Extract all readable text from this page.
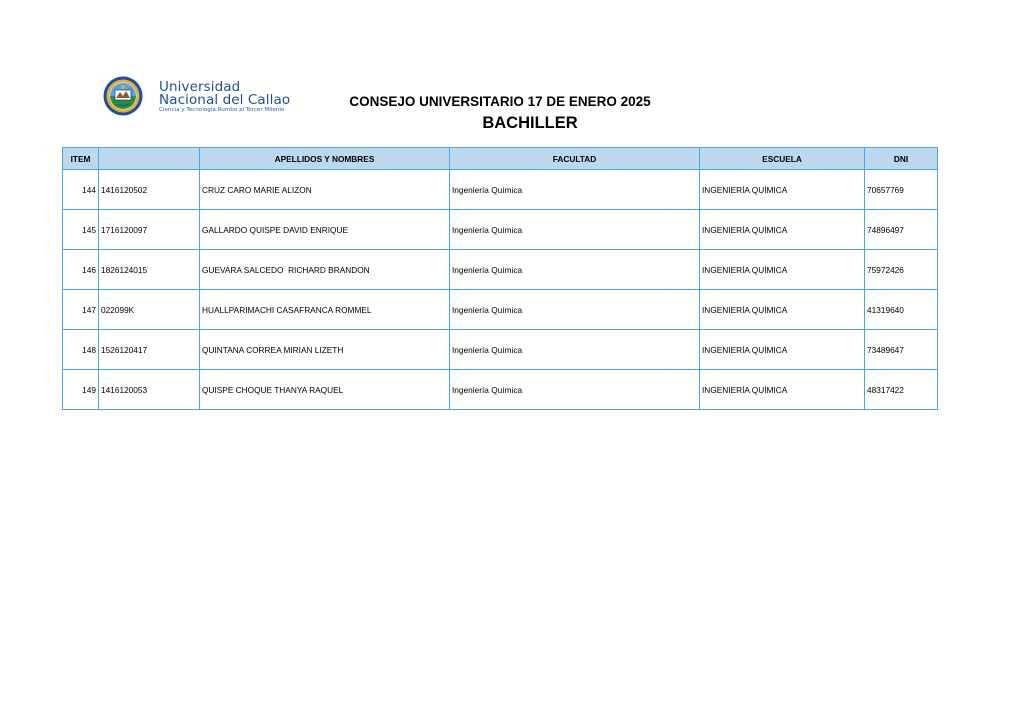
Universidad
Nacional del Callao
Ciencia y Tecnología Rumbo al Tercer Milenio
CONSEJO UNIVERSITARIO 17 DE ENERO 2025
BACHILLER
ITEM		APELLIDOS Y NOMBRES	FACULTAD	ESCUELA	DNI
144	1416120502	CRUZ CARO MARIE ALIZON	Ingeniería Química	INGENIERÍA QUÍMICA	70657769
145	1716120097	GALLARDO QUISPE DAVID ENRIQUE	Ingeniería Química	INGENIERÍA QUÍMICA	74896497
146	1826124015	GUEVARA SALCEDO  RICHARD BRANDON	Ingeniería Química	INGENIERÍA QUÍMICA	75972426
147	022099K	HUALLPARIMACHI CASAFRANCA ROMMEL	Ingeniería Química	INGENIERÍA QUÍMICA	41319640
148	1526120417	QUINTANA CORREA MIRIAN LIZETH	Ingeniería Química	INGENIERÍA QUÍMICA	73489647
149	1416120053	QUISPE CHOQUE THANYA RAQUEL	Ingeniería Química	INGENIERÍA QUÍMICA	48317422
